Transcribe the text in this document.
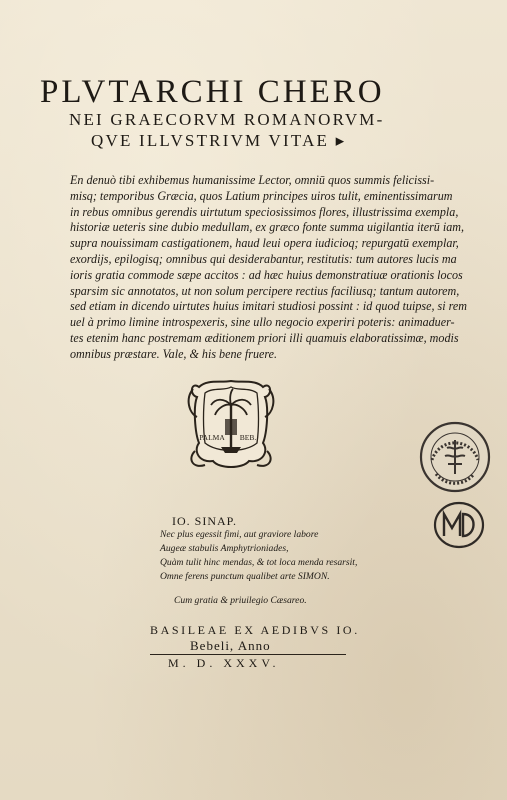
PLVTARCHI CHERO
NEI GRAECORVM ROMANORVM-
QVE ILLVSTRIVM VITAE ▸
En denuò tibi exhibemus humanissime Lector, omniū quos summis felicissi-
misq; temporibus Græcia, quos Latium principes uiros tulit, eminentissimarum
in rebus omnibus gerendis uirtutum speciosissimos flores, illustrissima exempla,
historiæ ueteris sine dubio medullam, ex græco fonte summa uigilantia iterū iam,
supra nouissimam castigationem, haud leui opera iudicioq; repurgatū exemplar,
exordijs, epilogisq; omnibus qui desiderabantur, restitutis: tum autores lucis ma
ioris gratia commode sæpe accitos : ad hæc huius demonstratiuæ orationis locos
sparsim sic annotatos, ut non solum percipere rectius faciliusq; tantum autorem,
sed etiam in dicendo uirtutes huius imitari studiosi possint : id quod tuipse, si rem
uel à primo limine introspexeris, sine ullo negocio experiri poteris: animaduer-
tes etenim hanc postremam æditionem priori illi quamuis elaboratissimæ, modis
omnibus præstare. Vale, & his bene fruere.
PALMA BEB.
IO. SINAP.
Nec plus egessit fimi, aut graviore labore
Augeæ stabulis Amphytrioniades,
Quàm tulit hinc mendas, & tot loca menda resarsit,
Omne ferens punctum qualibet arte SIMON.
Cum gratia & priuilegio Cæsareo.
BASILEAE EX AEDIBVS IO.
Bebeli, Anno
M. D. XXXV.
